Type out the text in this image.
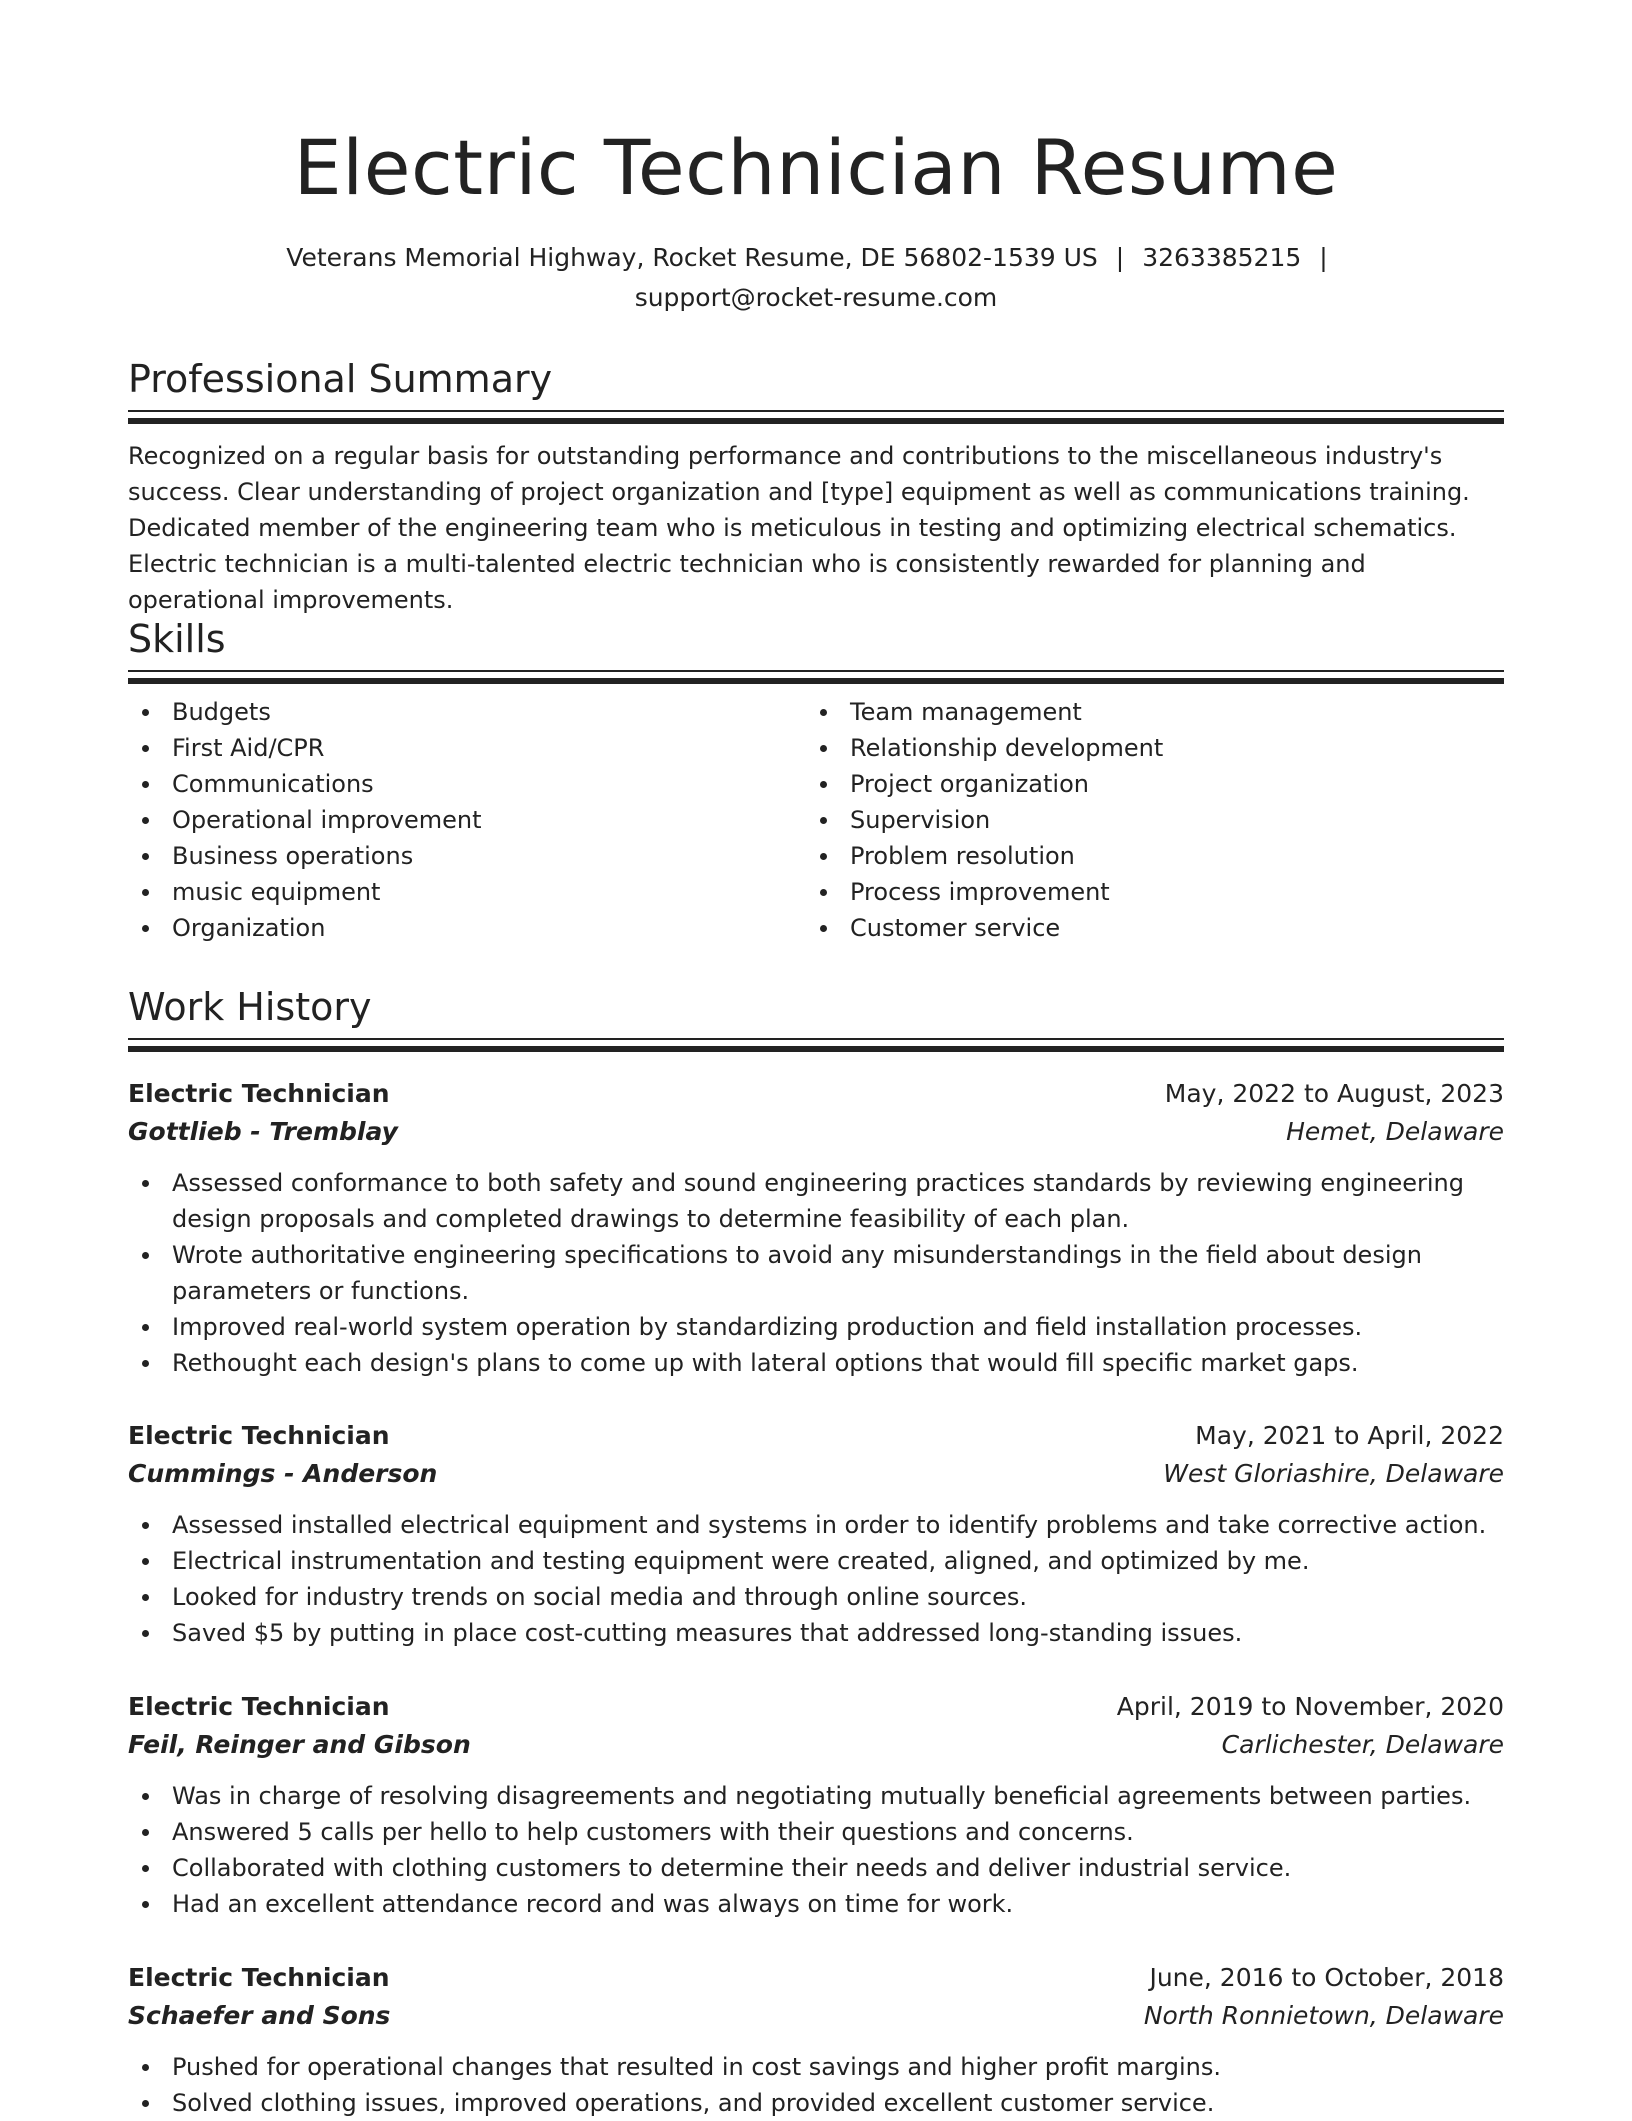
Electric Technician Resume
Veterans Memorial Highway, Rocket Resume, DE 56802-1539 US | 3263385215 |
support@rocket-resume.com
Professional Summary
Recognized on a regular basis for outstanding performance and contributions to the miscellaneous industry's success. Clear understanding of project organization and [type] equipment as well as communications training. Dedicated member of the engineering team who is meticulous in testing and optimizing electrical schematics. Electric technician is a multi-talented electric technician who is consistently rewarded for planning and operational improvements.
Skills
Budgets
First Aid/CPR
Communications
Operational improvement
Business operations
music equipment
Organization
Team management
Relationship development
Project organization
Supervision
Problem resolution
Process improvement
Customer service
Work History
Electric Technician	May, 2022 to August, 2023
Gottlieb - Tremblay	Hemet, Delaware
Assessed conformance to both safety and sound engineering practices standards by reviewing engineering design proposals and completed drawings to determine feasibility of each plan.
Wrote authoritative engineering specifications to avoid any misunderstandings in the field about design parameters or functions.
Improved real-world system operation by standardizing production and field installation processes.
Rethought each design's plans to come up with lateral options that would fill specific market gaps.
Electric Technician	May, 2021 to April, 2022
Cummings - Anderson	West Gloriashire, Delaware
Assessed installed electrical equipment and systems in order to identify problems and take corrective action.
Electrical instrumentation and testing equipment were created, aligned, and optimized by me.
Looked for industry trends on social media and through online sources.
Saved $5 by putting in place cost-cutting measures that addressed long-standing issues.
Electric Technician	April, 2019 to November, 2020
Feil, Reinger and Gibson	Carlichester, Delaware
Was in charge of resolving disagreements and negotiating mutually beneficial agreements between parties.
Answered 5 calls per hello to help customers with their questions and concerns.
Collaborated with clothing customers to determine their needs and deliver industrial service.
Had an excellent attendance record and was always on time for work.
Electric Technician	June, 2016 to October, 2018
Schaefer and Sons	North Ronnietown, Delaware
Pushed for operational changes that resulted in cost savings and higher profit margins.
Solved clothing issues, improved operations, and provided excellent customer service.
